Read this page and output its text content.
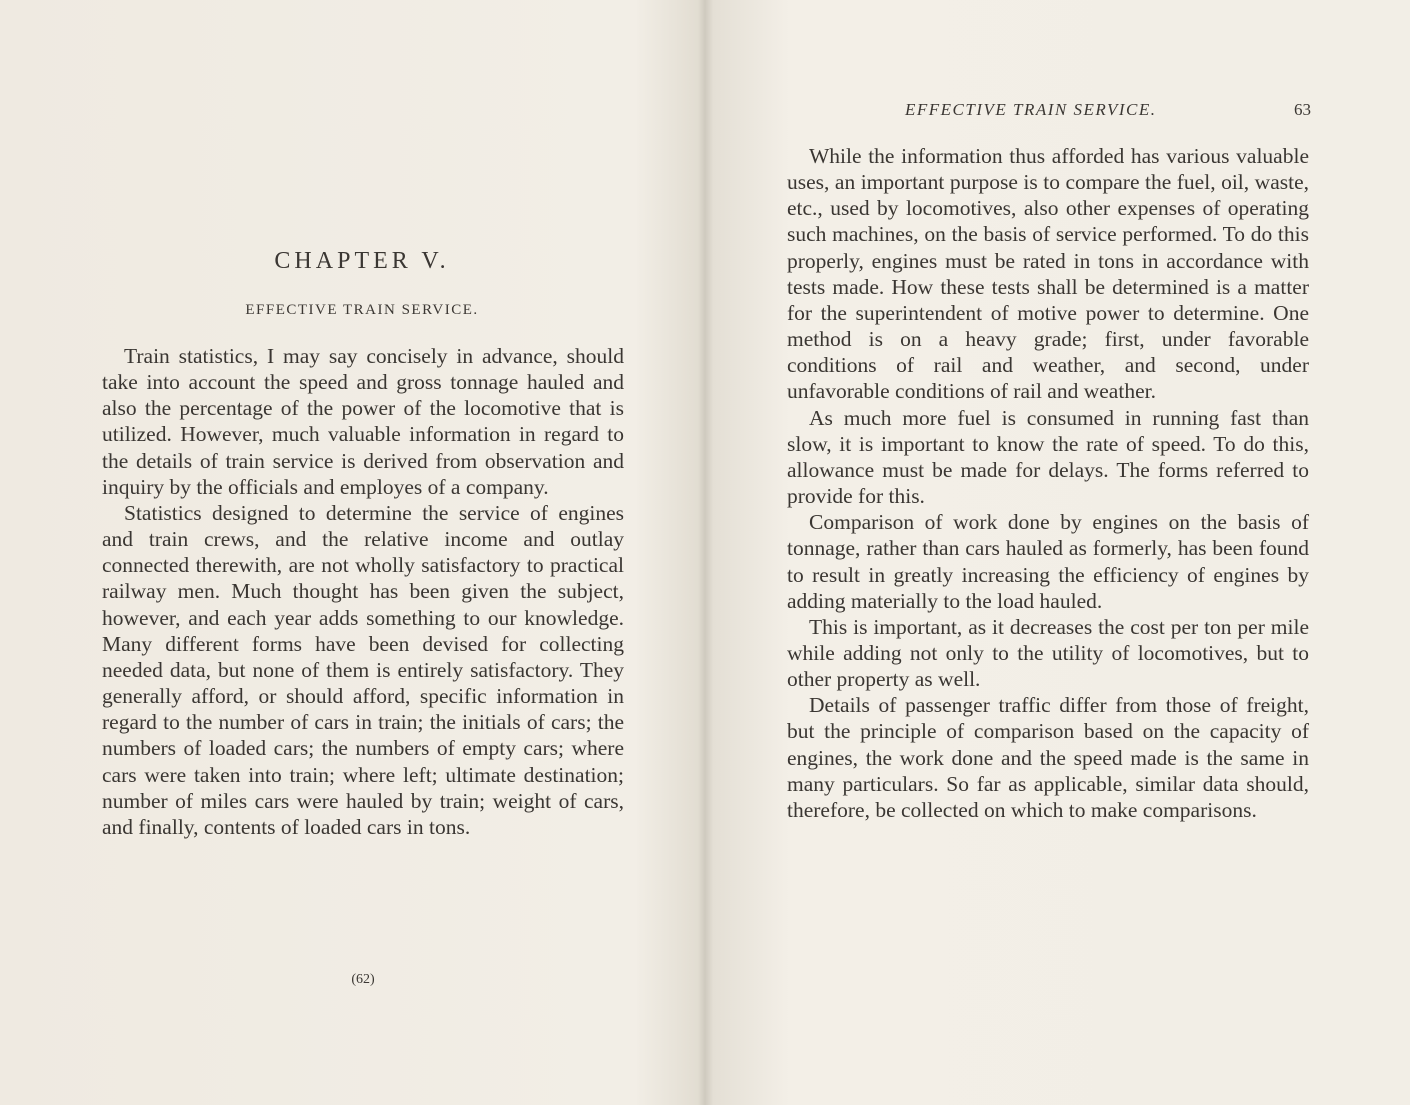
CHAPTER V.
EFFECTIVE TRAIN SERVICE.

Train statistics, I may say concisely in advance, should take into account the speed and gross tonnage hauled and also the percentage of the power of the locomotive that is utilized. However, much valuable information in regard to the details of train service is derived from observation and inquiry by the officials and employes of a company.

Statistics designed to determine the service of engines and train crews, and the relative income and outlay connected therewith, are not wholly satisfactory to practical railway men. Much thought has been given the subject, however, and each year adds something to our knowledge. Many different forms have been devised for collecting needed data, but none of them is entirely satisfactory. They generally afford, or should afford, specific information in regard to the number of cars in train; the initials of cars; the numbers of loaded cars; the numbers of empty cars; where cars were taken into train; where left; ultimate destination; number of miles cars were hauled by train; weight of cars, and finally, contents of loaded cars in tons.

(62)
EFFECTIVE TRAIN SERVICE.	63

While the information thus afforded has various valuable uses, an important purpose is to compare the fuel, oil, waste, etc., used by locomotives, also other expenses of operating such machines, on the basis of service performed. To do this properly, engines must be rated in tons in accordance with tests made. How these tests shall be determined is a matter for the superintendent of motive power to determine. One method is on a heavy grade; first, under favorable conditions of rail and weather, and second, under unfavorable conditions of rail and weather.

As much more fuel is consumed in running fast than slow, it is important to know the rate of speed. To do this, allowance must be made for delays. The forms referred to provide for this.

Comparison of work done by engines on the basis of tonnage, rather than cars hauled as formerly, has been found to result in greatly increasing the efficiency of engines by adding materially to the load hauled.

This is important, as it decreases the cost per ton per mile while adding not only to the utility of locomotives, but to other property as well.

Details of passenger traffic differ from those of freight, but the principle of comparison based on the capacity of engines, the work done and the speed made is the same in many particulars. So far as applicable, similar data should, therefore, be collected on which to make comparisons.
